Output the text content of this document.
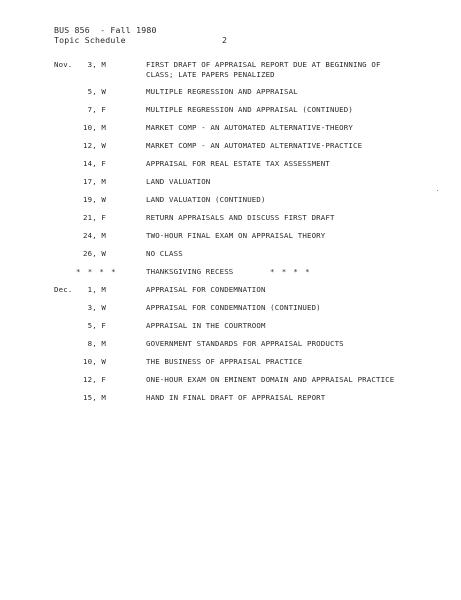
BUS 856  - Fall 1980
Topic Schedule	2
Nov.	3, M	FIRST DRAFT OF APPRAISAL REPORT DUE AT BEGINNING OF
CLASS; LATE PAPERS PENALIZED
5, W	MULTIPLE REGRESSION AND APPRAISAL
7, F	MULTIPLE REGRESSION AND APPRAISAL (CONTINUED)
10, M	MARKET COMP - AN AUTOMATED ALTERNATIVE-THEORY
12, W	MARKET COMP - AN AUTOMATED ALTERNATIVE-PRACTICE
14, F	APPRAISAL FOR REAL ESTATE TAX ASSESSMENT
17, M	LAND VALUATION
19, W	LAND VALUATION (CONTINUED)
21, F	RETURN APPRAISALS AND DISCUSS FIRST DRAFT
24, M	TWO-HOUR FINAL EXAM ON APPRAISAL THEORY
26, W	NO CLASS
* * * *	THANKSGIVING RECESS	* * * *
Dec.	1, M	APPRAISAL FOR CONDEMNATION
3, W	APPRAISAL FOR CONDEMNATION (CONTINUED)
5, F	APPRAISAL IN THE COURTROOM
8, M	GOVERNMENT STANDARDS FOR APPRAISAL PRODUCTS
10, W	THE BUSINESS OF APPRAISAL PRACTICE
12, F	ONE-HOUR EXAM ON EMINENT DOMAIN AND APPRAISAL PRACTICE
15, M	HAND IN FINAL DRAFT OF APPRAISAL REPORT
